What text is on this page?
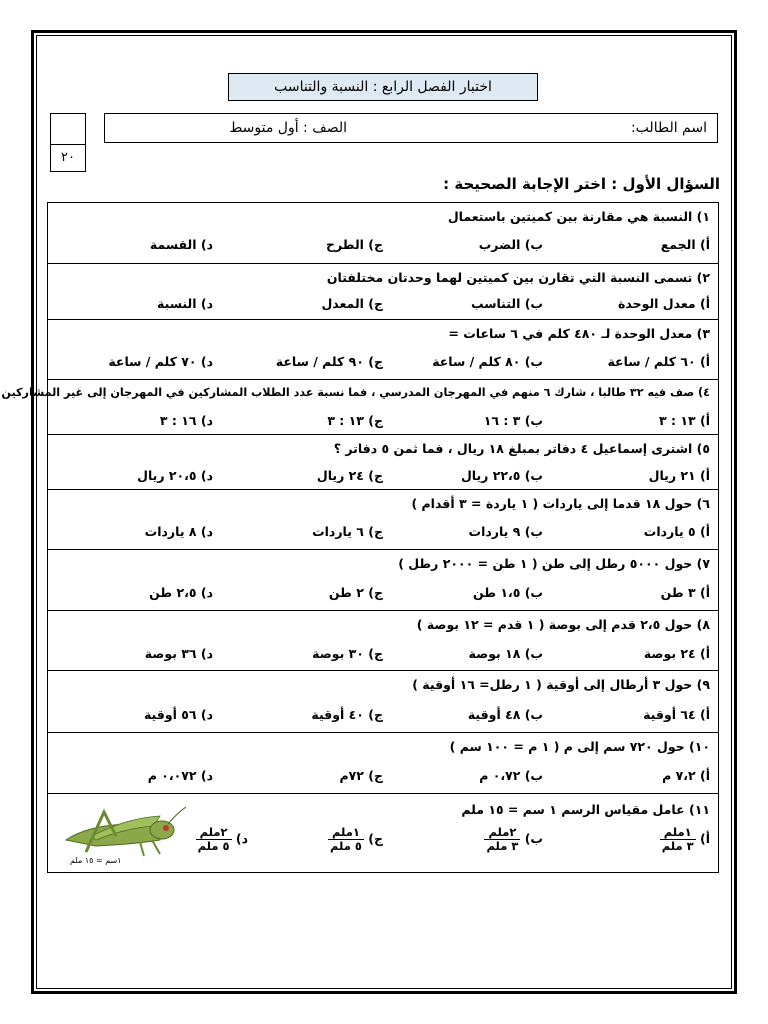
اختبار الفصل الرابع : النسبة والتناسب
اسم الطالب:
الصف : أول متوسط
٢٠
السؤال الأول : اختر الإجابة الصحيحة :
١) النسبة هي مقارنة بين كميتين باستعمال
أ) الجمع
ب) الضرب
ج) الطرح
د) القسمة
٢) تسمى النسبة التي تقارن بين كميتين لهما وحدتان مختلفتان
أ) معدل الوحدة
ب) التناسب
ج) المعدل
د) النسبة
٣) معدل الوحدة لـ ٤٨٠ كلم في ٦ ساعات =
أ) ٦٠ كلم / ساعة
ب) ٨٠ كلم / ساعة
ج) ٩٠ كلم / ساعة
د) ٧٠ كلم / ساعة
٤) صف فيه ٣٢ طالبا ، شارك ٦ منهم في المهرجان المدرسي ، فما نسبة عدد الطلاب المشاركين في المهرجان إلى غير المشاركين
أ) ١٣ : ٣
ب) ٣ : ١٦
ج) ١٣ : ٣
د) ١٦ : ٣
٥) اشترى إسماعيل ٤ دفاتر بمبلغ ١٨ ريال ، فما ثمن ٥ دفاتر ؟
أ) ٢١ ريال
ب) ٢٢،٥ ريال
ج) ٢٤ ريال
د) ٢٠،٥ ريال
٦) حول ١٨ قدما إلى ياردات ( ١ ياردة = ٣ أقدام )
أ) ٥ ياردات
ب) ٩ ياردات
ج) ٦ ياردات
د) ٨ ياردات
٧) حول ٥٠٠٠ رطل إلى طن ( ١ طن = ٢٠٠٠ رطل )
أ) ٣ طن
ب) ١،٥ طن
ج) ٢ طن
د) ٢،٥ طن
٨) حول ٢،٥ قدم إلى بوصة ( ١ قدم = ١٢ بوصة )
أ) ٢٤ بوصة
ب) ١٨ بوصة
ج) ٣٠ بوصة
د) ٣٦ بوصة
٩) حول ٣ أرطال إلى أوقية ( ١ رطل= ١٦ أوقية )
أ) ٦٤ أوقية
ب) ٤٨ أوقية
ج) ٤٠ أوقية
د) ٥٦ أوقية
١٠) حول ٧٢٠ سم إلى م ( ١ م = ١٠٠ سم )
أ) ٧،٢ م
ب) ٠،٧٢ م
ج) ٧٢م
د) ٠،٠٧٢ م
١١) عامل مقياس الرسم ١ سم = ١٥ ملم
أ)
$\frac{\text{١ملم}}{\text{٣ ملم}}$
ب)
$\frac{\text{٢ملم}}{\text{٣ ملم}}$
ج)
$\frac{\text{١ملم}}{\text{٥ ملم}}$
د)
$\frac{\text{٢ملم}}{\text{٥ ملم}}$
١سم = ١٥ ملم
